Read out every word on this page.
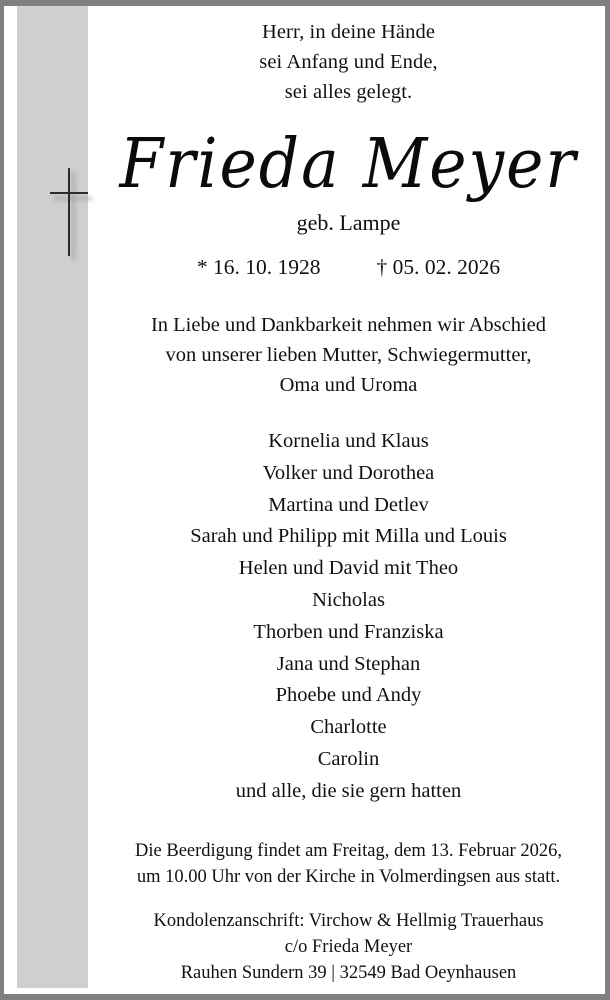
Herr, in deine Hände
sei Anfang und Ende,
sei alles gelegt.

Frieda Meyer

geb. Lampe

* 16. 10. 1928	† 05. 02. 2026

In Liebe und Dankbarkeit nehmen wir Abschied
von unserer lieben Mutter, Schwiegermutter,
Oma und Uroma

Kornelia und Klaus
Volker und Dorothea
Martina und Detlev
Sarah und Philipp mit Milla und Louis
Helen und David mit Theo
Nicholas
Thorben und Franziska
Jana und Stephan
Phoebe und Andy
Charlotte
Carolin
und alle, die sie gern hatten

Die Beerdigung findet am Freitag, dem 13. Februar 2026,
um 10.00 Uhr von der Kirche in Volmerdingsen aus statt.

Kondolenzanschrift: Virchow & Hellmig Trauerhaus
c/o Frieda Meyer
Rauhen Sundern 39 | 32549 Bad Oeynhausen
